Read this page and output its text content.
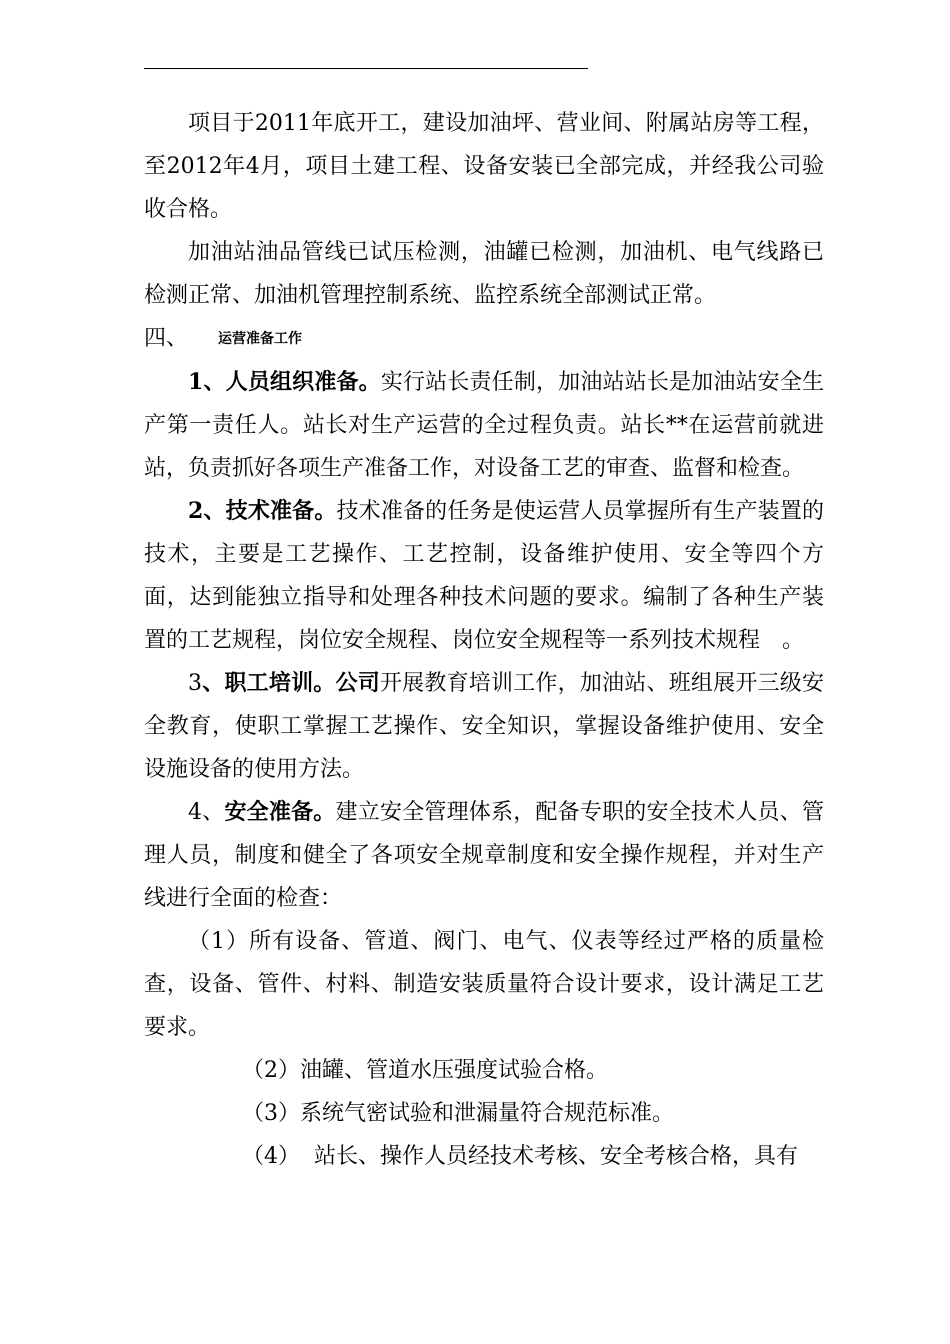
项目于2011年底开工，建设加油坪、营业间、附属站房等工程，至2012年4月，项目土建工程、设备安装已全部完成，并经我公司验收合格。

加油站油品管线已试压检测，油罐已检测，加油机、电气线路已检测正常、加油机管理控制系统、监控系统全部测试正常。

四、 运营准备工作

1、人员组织准备。实行站长责任制，加油站站长是加油站安全生产第一责任人。站长对生产运营的全过程负责。站长**在运营前就进站，负责抓好各项生产准备工作，对设备工艺的审查、监督和检查。

2、技术准备。技术准备的任务是使运营人员掌握所有生产装置的技术，主要是工艺操作、工艺控制，设备维护使用、安全等四个方面，达到能独立指导和处理各种技术问题的要求。编制了各种生产装置的工艺规程，岗位安全规程、岗位安全规程等一系列技术规程　。

3、职工培训。公司开展教育培训工作，加油站、班组展开三级安全教育，使职工掌握工艺操作、安全知识，掌握设备维护使用、安全设施设备的使用方法。

4、安全准备。建立安全管理体系，配备专职的安全技术人员、管理人员，制度和健全了各项安全规章制度和安全操作规程，并对生产线进行全面的检查：

（1）所有设备、管道、阀门、电气、仪表等经过严格的质量检查，设备、管件、村料、制造安装质量符合设计要求，设计满足工艺要求。

（2）油罐、管道水压强度试验合格。

（3）系统气密试验和泄漏量符合规范标准。

（4）  站长、操作人员经技术考核、安全考核合格，具有
